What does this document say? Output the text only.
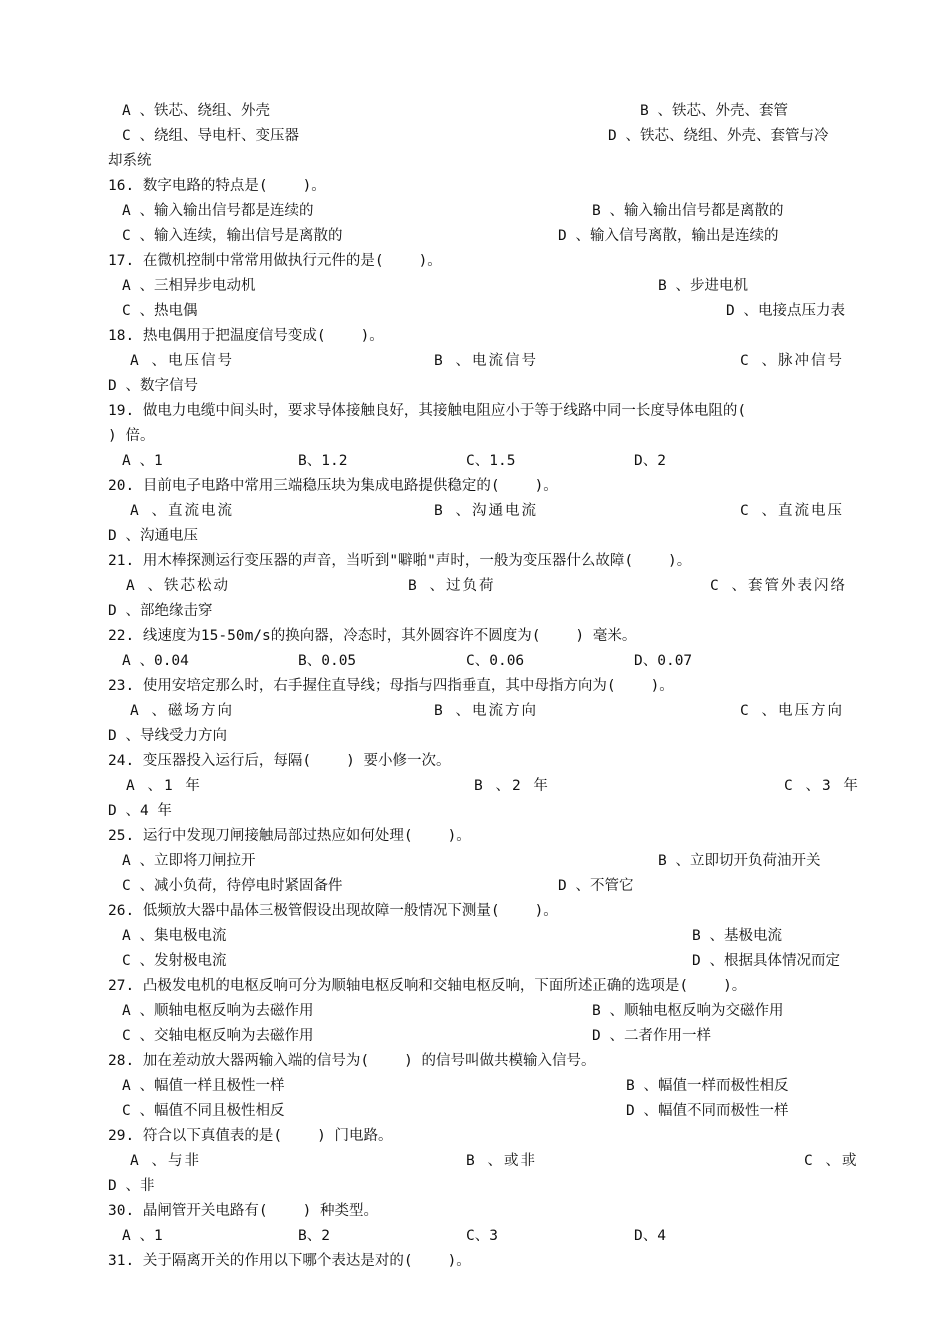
A 、铁芯、绕组、外壳	B 、铁芯、外壳、套管
C 、绕组、导电杆、变压器	D 、铁芯、绕组、外壳、套管与冷
却系统
16. 数字电路的特点是(    )。
A 、输入输出信号都是连续的	B 、输入输出信号都是离散的
C 、输入连续，输出信号是离散的	D 、输入信号离散，输出是连续的
17. 在微机控制中常常用做执行元件的是(    )。
A 、三相异步电动机	B 、步进电机
C 、热电偶	D 、电接点压力表
18. 热电偶用于把温度信号变成(    )。
A 、电压信号	B 、电流信号	C 、脉冲信号
D 、数字信号
19. 做电力电缆中间头时，要求导体接触良好，其接触电阻应小于等于线路中同一长度导体电阻的(
) 倍。
A 、1	B、1.2	C、1.5	D、2
20. 目前电子电路中常用三端稳压块为集成电路提供稳定的(    )。
A 、直流电流	B 、沟通电流	C 、直流电压
D 、沟通电压
21. 用木棒探测运行变压器的声音，当听到"噼啪"声时，一般为变压器什么故障(    )。
A 、铁芯松动	B 、过负荷	C 、套管外表闪络
D 、部绝缘击穿
22. 线速度为15-50m/s的换向器，冷态时，其外圆容许不圆度为(    ) 毫米。
A 、0.04	B、0.05	C、0.06	D、0.07
23. 使用安培定那么时，右手握住直导线；母指与四指垂直，其中母指方向为(    )。
A 、磁场方向	B 、电流方向	C 、电压方向
D 、导线受力方向
24. 变压器投入运行后，每隔(    ) 要小修一次。
A 、1 年	B 、2 年	C 、3 年
D 、4 年
25. 运行中发现刀闸接触局部过热应如何处理(    )。
A 、立即将刀闸拉开	B 、立即切开负荷油开关
C 、减小负荷，待停电时紧固备件	D 、不管它
26. 低频放大器中晶体三极管假设出现故障一般情况下测量(    )。
A 、集电极电流	B 、基极电流
C 、发射极电流	D 、根据具体情况而定
27. 凸极发电机的电枢反响可分为顺轴电枢反响和交轴电枢反响，下面所述正确的选项是(    )。
A 、顺轴电枢反响为去磁作用	B 、顺轴电枢反响为交磁作用
C 、交轴电枢反响为去磁作用	D 、二者作用一样
28. 加在差动放大器两输入端的信号为(    ) 的信号叫做共模输入信号。
A 、幅值一样且极性一样	B 、幅值一样而极性相反
C 、幅值不同且极性相反	D 、幅值不同而极性一样
29. 符合以下真值表的是(    ) 门电路。
A 、与非	B 、或非	C 、或
D 、非
30. 晶闸管开关电路有(    ) 种类型。
A 、1	B、2	C、3	D、4
31. 关于隔离开关的作用以下哪个表达是对的(    )。
